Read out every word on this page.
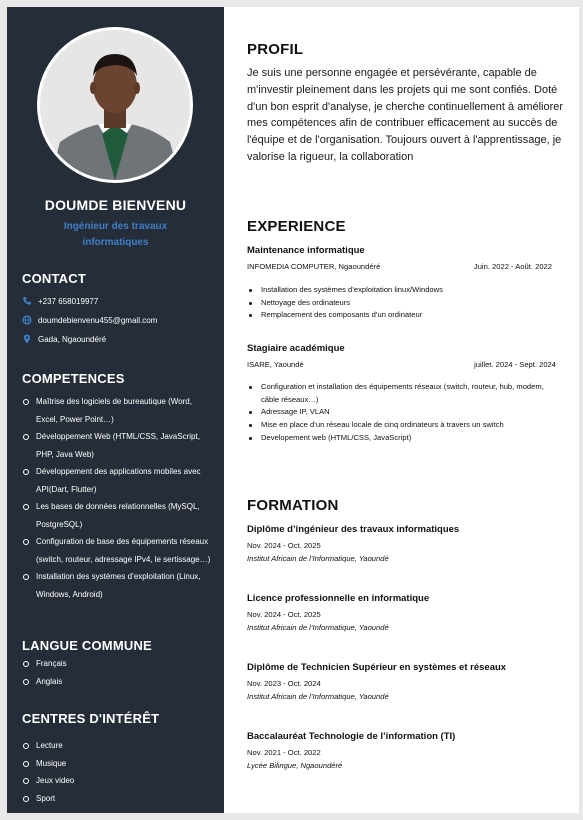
DOUMDE BIENVENU
Ingénieur des travaux informatiques
CONTACT
+237 658019977
doumdebienvenu455@gmail.com
Gada, Ngaoundéré
COMPETENCES
Maîtrise des logiciels de bureautique (Word, Excel, Power Point…)
Développement Web (HTML/CSS, JavaScript, PHP, Java Web)
Développement des applications mobiles avec API(Dart, Flutter)
Les bases de données relationnelles (MySQL, PostgreSQL)
Configuration de base des équipements réseaux (switch, routeur, adressage IPv4, le sertissage…)
Installation des systèmes d’exploitation (Linux, Windows, Android)
LANGUE COMMUNE
Français
Anglais
CENTRES D'INTÉRÊT
Lecture
Musique
Jeux video
Sport
PROFIL
Je suis une personne engagée et persévérante, capable de m'investir pleinement dans les projets qui me sont confiés. Doté d'un bon esprit d'analyse, je cherche continuellement à améliorer mes compétences afin de contribuer efficacement au succès de l'équipe et de l'organisation. Toujours ouvert à l'apprentissage, je valorise la rigueur, la collaboration
EXPERIENCE
Maintenance informatique
INFOMEDIA COMPUTER, Ngaoundéré	Juin. 2022 - Août. 2022
Installation des systèmes d’exploitation linux/Windows
Nettoyage des ordinateurs
Remplacement des composants d’un ordinateur
Stagiaire académique
ISARE, Yaoundé	juillet. 2024 - Sept. 2024
Configuration et installation des équipements réseaux (switch, routeur, hub, modem, câble réseaux…)
Adressage IP, VLAN
Mise en place d’un réseau locale de cinq ordinateurs à travers un switch
Developement web (HTML/CSS, JavaScript)
FORMATION
Diplôme d’ingénieur des travaux informatiques
Nov. 2024 - Oct. 2025
Institut Africain de l’Informatique, Yaoundé
Licence professionnelle en informatique
Nov. 2024 - Oct. 2025
Institut Africain de l’Informatique, Yaoundé
Diplôme de Technicien Supérieur en systèmes et réseaux
Nov. 2023 - Oct. 2024
Institut Africain de l’Informatique, Yaoundé
Baccalauréat Technologie de l’information (TI)
Nov. 2021 - Oct. 2022
Lycée Bilingue, Ngaoundéré
